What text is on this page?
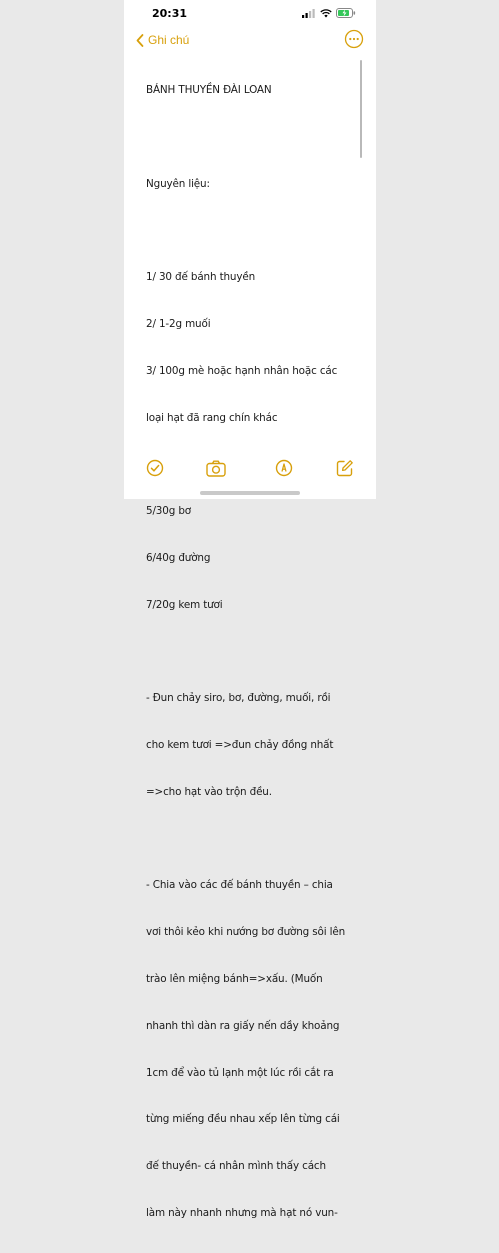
20:31
Ghi chú

BÁNH THUYỀN ĐÀI LOAN

Nguyên liệu:

1/ 30 đế bánh thuyền

2/ 1-2g muối

3/ 100g mè hoặc hạnh nhân hoặc các

loại hạt đã rang chín khác

5/30g bơ

6/40g đường

7/20g kem tươi

- Đun chảy siro, bơ, đường, muối, rồi

cho kem tươi =>đun chảy đồng nhất

=>cho hạt vào trộn đều.

- Chia vào các đế bánh thuyền – chia

vơi thôi kẻo khi nướng bơ đường sôi lên

trào lên miệng bánh=>xấu. (Muốn

nhanh thì dàn ra giấy nến dầy khoảng

1cm để vào tủ lạnh một lúc rồi cắt ra

từng miếng đều nhau xếp lên từng cái

đế thuyền- cá nhân mình thấy cách

làm này nhanh nhưng mà hạt nó vun-
